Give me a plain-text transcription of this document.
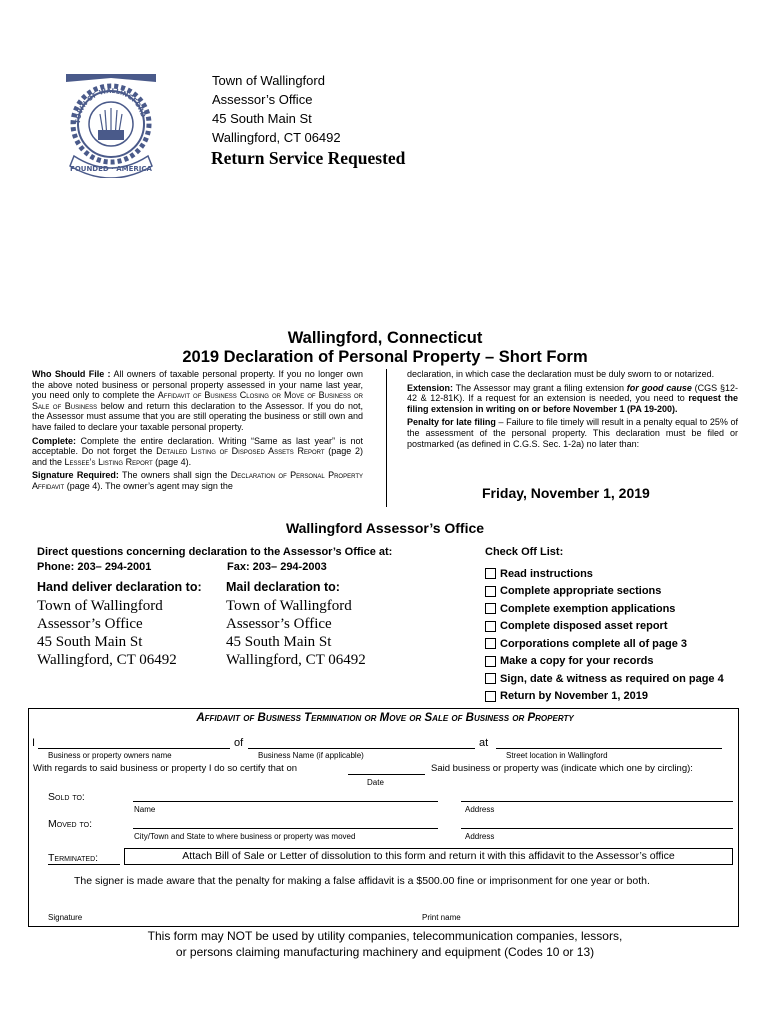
TOWN OF WALLINGFORD ·
FOUNDED · AMERICA
Town of Wallingford
Assessor’s Office
45 South Main St
Wallingford, CT 06492
Return Service Requested
Wallingford, Connecticut
2019 Declaration of Personal Property – Short Form

Who Should File : All owners of taxable personal property. If you no longer own the above noted business or personal property assessed in your name last year, you need only to complete the Affidavit of Business Closing or Move of Business or Sale of Business below and return this declaration to the Assessor. If you do not, the Assessor must assume that you are still operating the business or still own and have failed to declare your taxable personal property.

Complete: Complete the entire declaration. Writing “Same as last year” is not acceptable. Do not forget the Detailed Listing of Disposed Assets Report (page 2) and the Lessee’s Listing Report (page 4).

Signature Required: The owners shall sign the Declaration of Personal Property Affidavit (page 4). The owner’s agent may sign the

declaration, in which case the declaration must be duly sworn to or notarized.

Extension: The Assessor may grant a filing extension for good cause (CGS §12-42 & 12-81K). If a request for an extension is needed, you need to request the filing extension in writing on or before November 1 (PA 19-200).

Penalty for late filing – Failure to file timely will result in a penalty equal to 25% of the assessment of the personal property. This declaration must be filed or postmarked (as defined in C.G.S. Sec. 1-2a) no later than:

Friday, November 1, 2019
Wallingford Assessor’s Office
Direct questions concerning declaration to the Assessor’s Office at:
Phone: 203– 294-2001	Fax: 203– 294-2003
Hand deliver declaration to:
Town of Wallingford
Assessor’s Office
45 South Main St
Wallingford, CT 06492
Mail declaration to:
Town of Wallingford
Assessor’s Office
45 South Main St
Wallingford, CT 06492
Check Off List:
Read instructions
Complete appropriate sections
Complete exemption applications
Complete disposed asset report
Corporations complete all of page 3
Make a copy for your records
Sign, date & witness as required on page 4
Return by November 1, 2019
Affidavit of Business Termination or Move or Sale of Business or Property
I	of	at
Business or property owners name	Business Name (if applicable)	Street location in Wallingford
With regards to said business or property I do so certify that on	Said business or property was (indicate which one by circling):
Date
Sold to:
Name	Address
Moved to:
City/Town and State to where business or property was moved	Address
Terminated:	Attach Bill of Sale or Letter of dissolution to this form and return it with this affidavit to the Assessor’s office
The signer is made aware that the penalty for making a false affidavit is a $500.00 fine or imprisonment for one year or both.
Signature	Print name
This form may NOT be used by utility companies, telecommunication companies, lessors,
or persons claiming manufacturing machinery and equipment (Codes 10 or 13)
